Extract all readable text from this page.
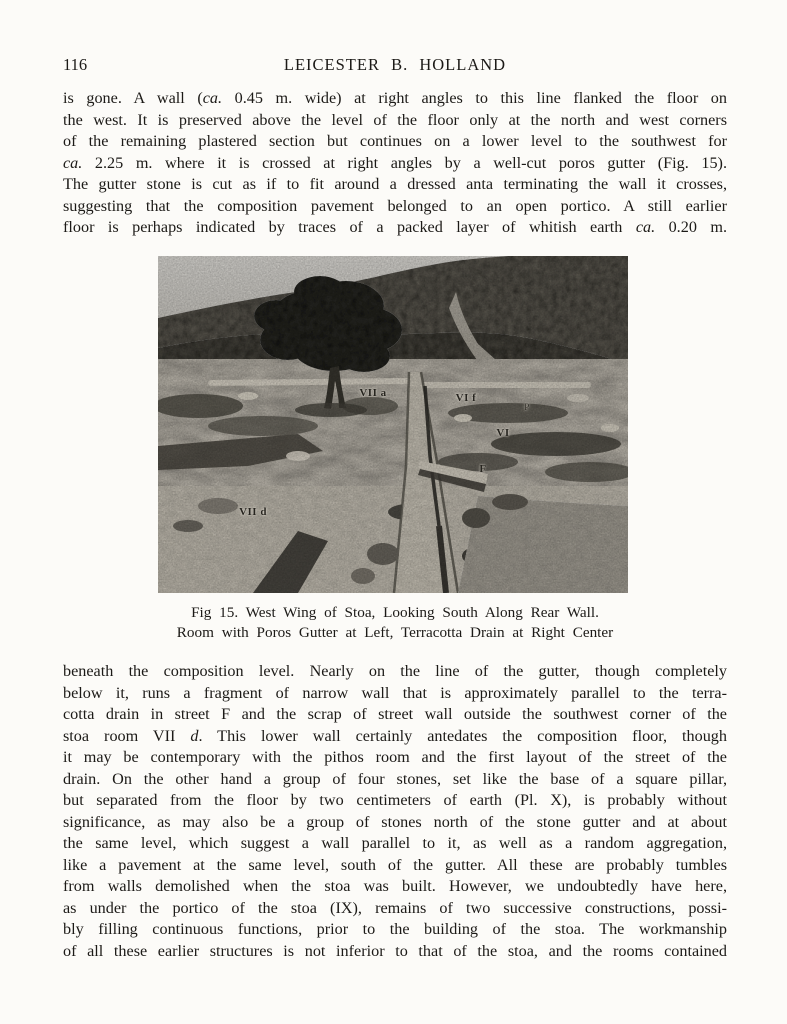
116	LEICESTER B. HOLLAND
is gone. A wall (ca. 0.45 m. wide) at right angles to this line flanked the floor on
the west. It is preserved above the level of the floor only at the north and west corners
of the remaining plastered section but continues on a lower level to the southwest for
ca. 2.25 m. where it is crossed at right angles by a well-cut poros gutter (Fig. 15).
The gutter stone is cut as if to fit around a dressed anta terminating the wall it crosses,
suggesting that the composition pavement belonged to an open portico. A still earlier
floor is perhaps indicated by traces of a packed layer of whitish earth ca. 0.20 m.
VII a	VI f
P
VI
F
VII d
Fig 15. West Wing of Stoa, Looking South Along Rear Wall.
Room with Poros Gutter at Left, Terracotta Drain at Right Center
beneath the composition level. Nearly on the line of the gutter, though completely
below it, runs a fragment of narrow wall that is approximately parallel to the terra-
cotta drain in street F and the scrap of street wall outside the southwest corner of the
stoa room VII d. This lower wall certainly antedates the composition floor, though
it may be contemporary with the pithos room and the first layout of the street of the
drain. On the other hand a group of four stones, set like the base of a square pillar,
but separated from the floor by two centimeters of earth (Pl. X), is probably without
significance, as may also be a group of stones north of the stone gutter and at about
the same level, which suggest a wall parallel to it, as well as a random aggregation,
like a pavement at the same level, south of the gutter. All these are probably tumbles
from walls demolished when the stoa was built. However, we undoubtedly have here,
as under the portico of the stoa (IX), remains of two successive constructions, possi-
bly filling continuous functions, prior to the building of the stoa. The workmanship
of all these earlier structures is not inferior to that of the stoa, and the rooms contained
